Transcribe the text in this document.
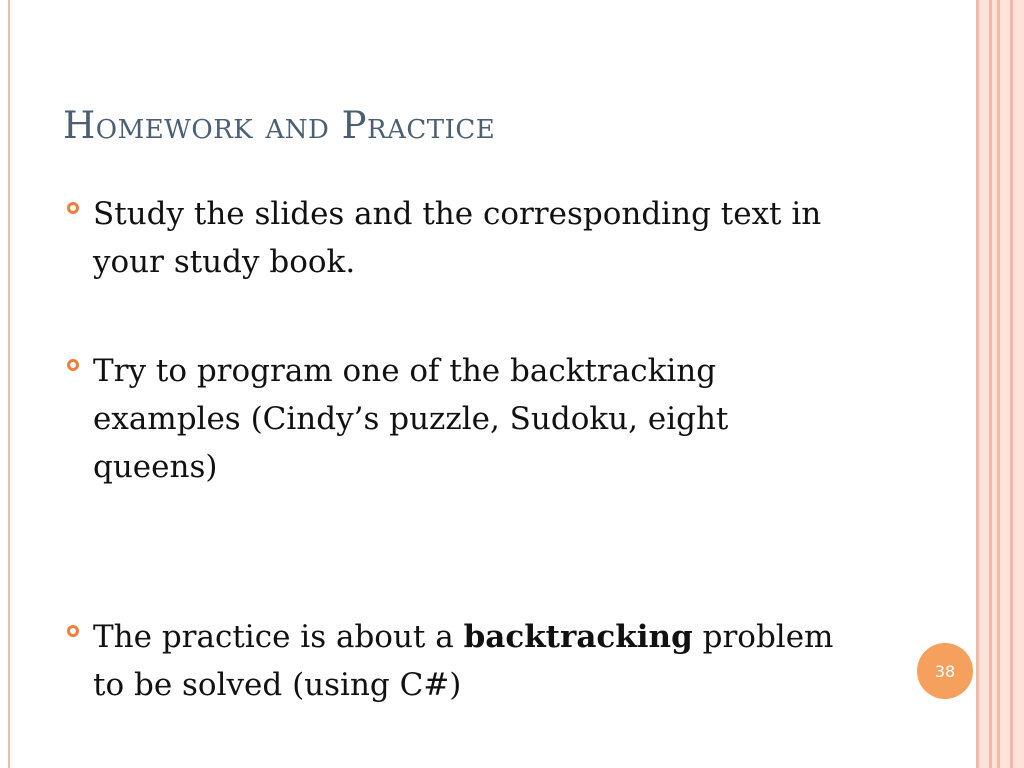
Homework and Practice
Study the slides and the corresponding text in your study book.
Try to program one of the backtracking examples (Cindy’s puzzle, Sudoku, eight queens)
The practice is about a backtracking problem to be solved (using C#)	38
